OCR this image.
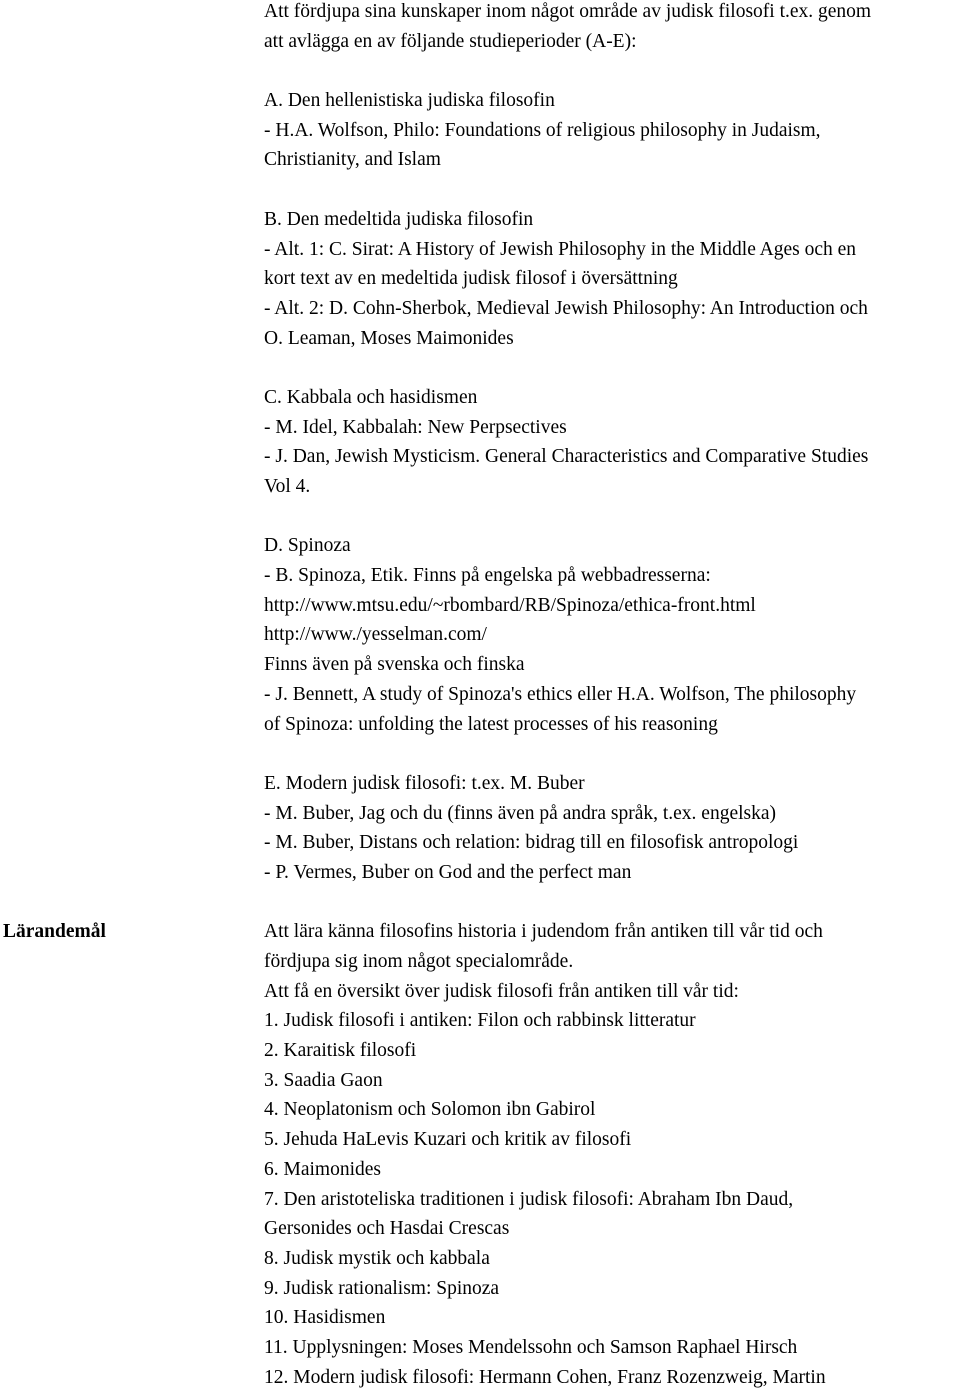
Att fördjupa sina kunskaper inom något område av judisk filosofi t.ex. genom
att avlägga en av följande studieperioder (A-E):
A. Den hellenistiska judiska filosofin
- H.A. Wolfson, Philo: Foundations of religious philosophy in Judaism,
Christianity, and Islam
B. Den medeltida judiska filosofin
- Alt. 1: C. Sirat: A History of Jewish Philosophy in the Middle Ages och en
kort text av en medeltida judisk filosof i översättning
- Alt. 2: D. Cohn-Sherbok, Medieval Jewish Philosophy: An Introduction och
O. Leaman, Moses Maimonides
C. Kabbala och hasidismen
- M. Idel, Kabbalah: New Perpsectives
- J. Dan, Jewish Mysticism. General Characteristics and Comparative Studies
Vol 4.
D. Spinoza
- B. Spinoza, Etik. Finns på engelska på webbadresserna:
http://www.mtsu.edu/~rbombard/RB/Spinoza/ethica-front.html
http://www./yesselman.com/
Finns även på svenska och finska
- J. Bennett, A study of Spinoza's ethics eller H.A. Wolfson, The philosophy
of Spinoza: unfolding the latest processes of his reasoning
E. Modern judisk filosofi: t.ex. M. Buber
- M. Buber, Jag och du (finns även på andra språk, t.ex. engelska)
- M. Buber, Distans och relation: bidrag till en filosofisk antropologi
- P. Vermes, Buber on God and the perfect man
Att lära känna filosofins historia i judendom från antiken till vår tid och
fördjupa sig inom något specialområde.
Att få en översikt över judisk filosofi från antiken till vår tid:
1. Judisk filosofi i antiken: Filon och rabbinsk litteratur
2. Karaitisk filosofi
3. Saadia Gaon
4. Neoplatonism och Solomon ibn Gabirol
5. Jehuda HaLevis Kuzari och kritik av filosofi
6. Maimonides
7. Den aristoteliska traditionen i judisk filosofi: Abraham Ibn Daud,
Gersonides och Hasdai Crescas
8. Judisk mystik och kabbala
9. Judisk rationalism: Spinoza
10. Hasidismen
11. Upplysningen: Moses Mendelssohn och Samson Raphael Hirsch
12. Modern judisk filosofi: Hermann Cohen, Franz Rozenzweig, Martin
Lärandemål
